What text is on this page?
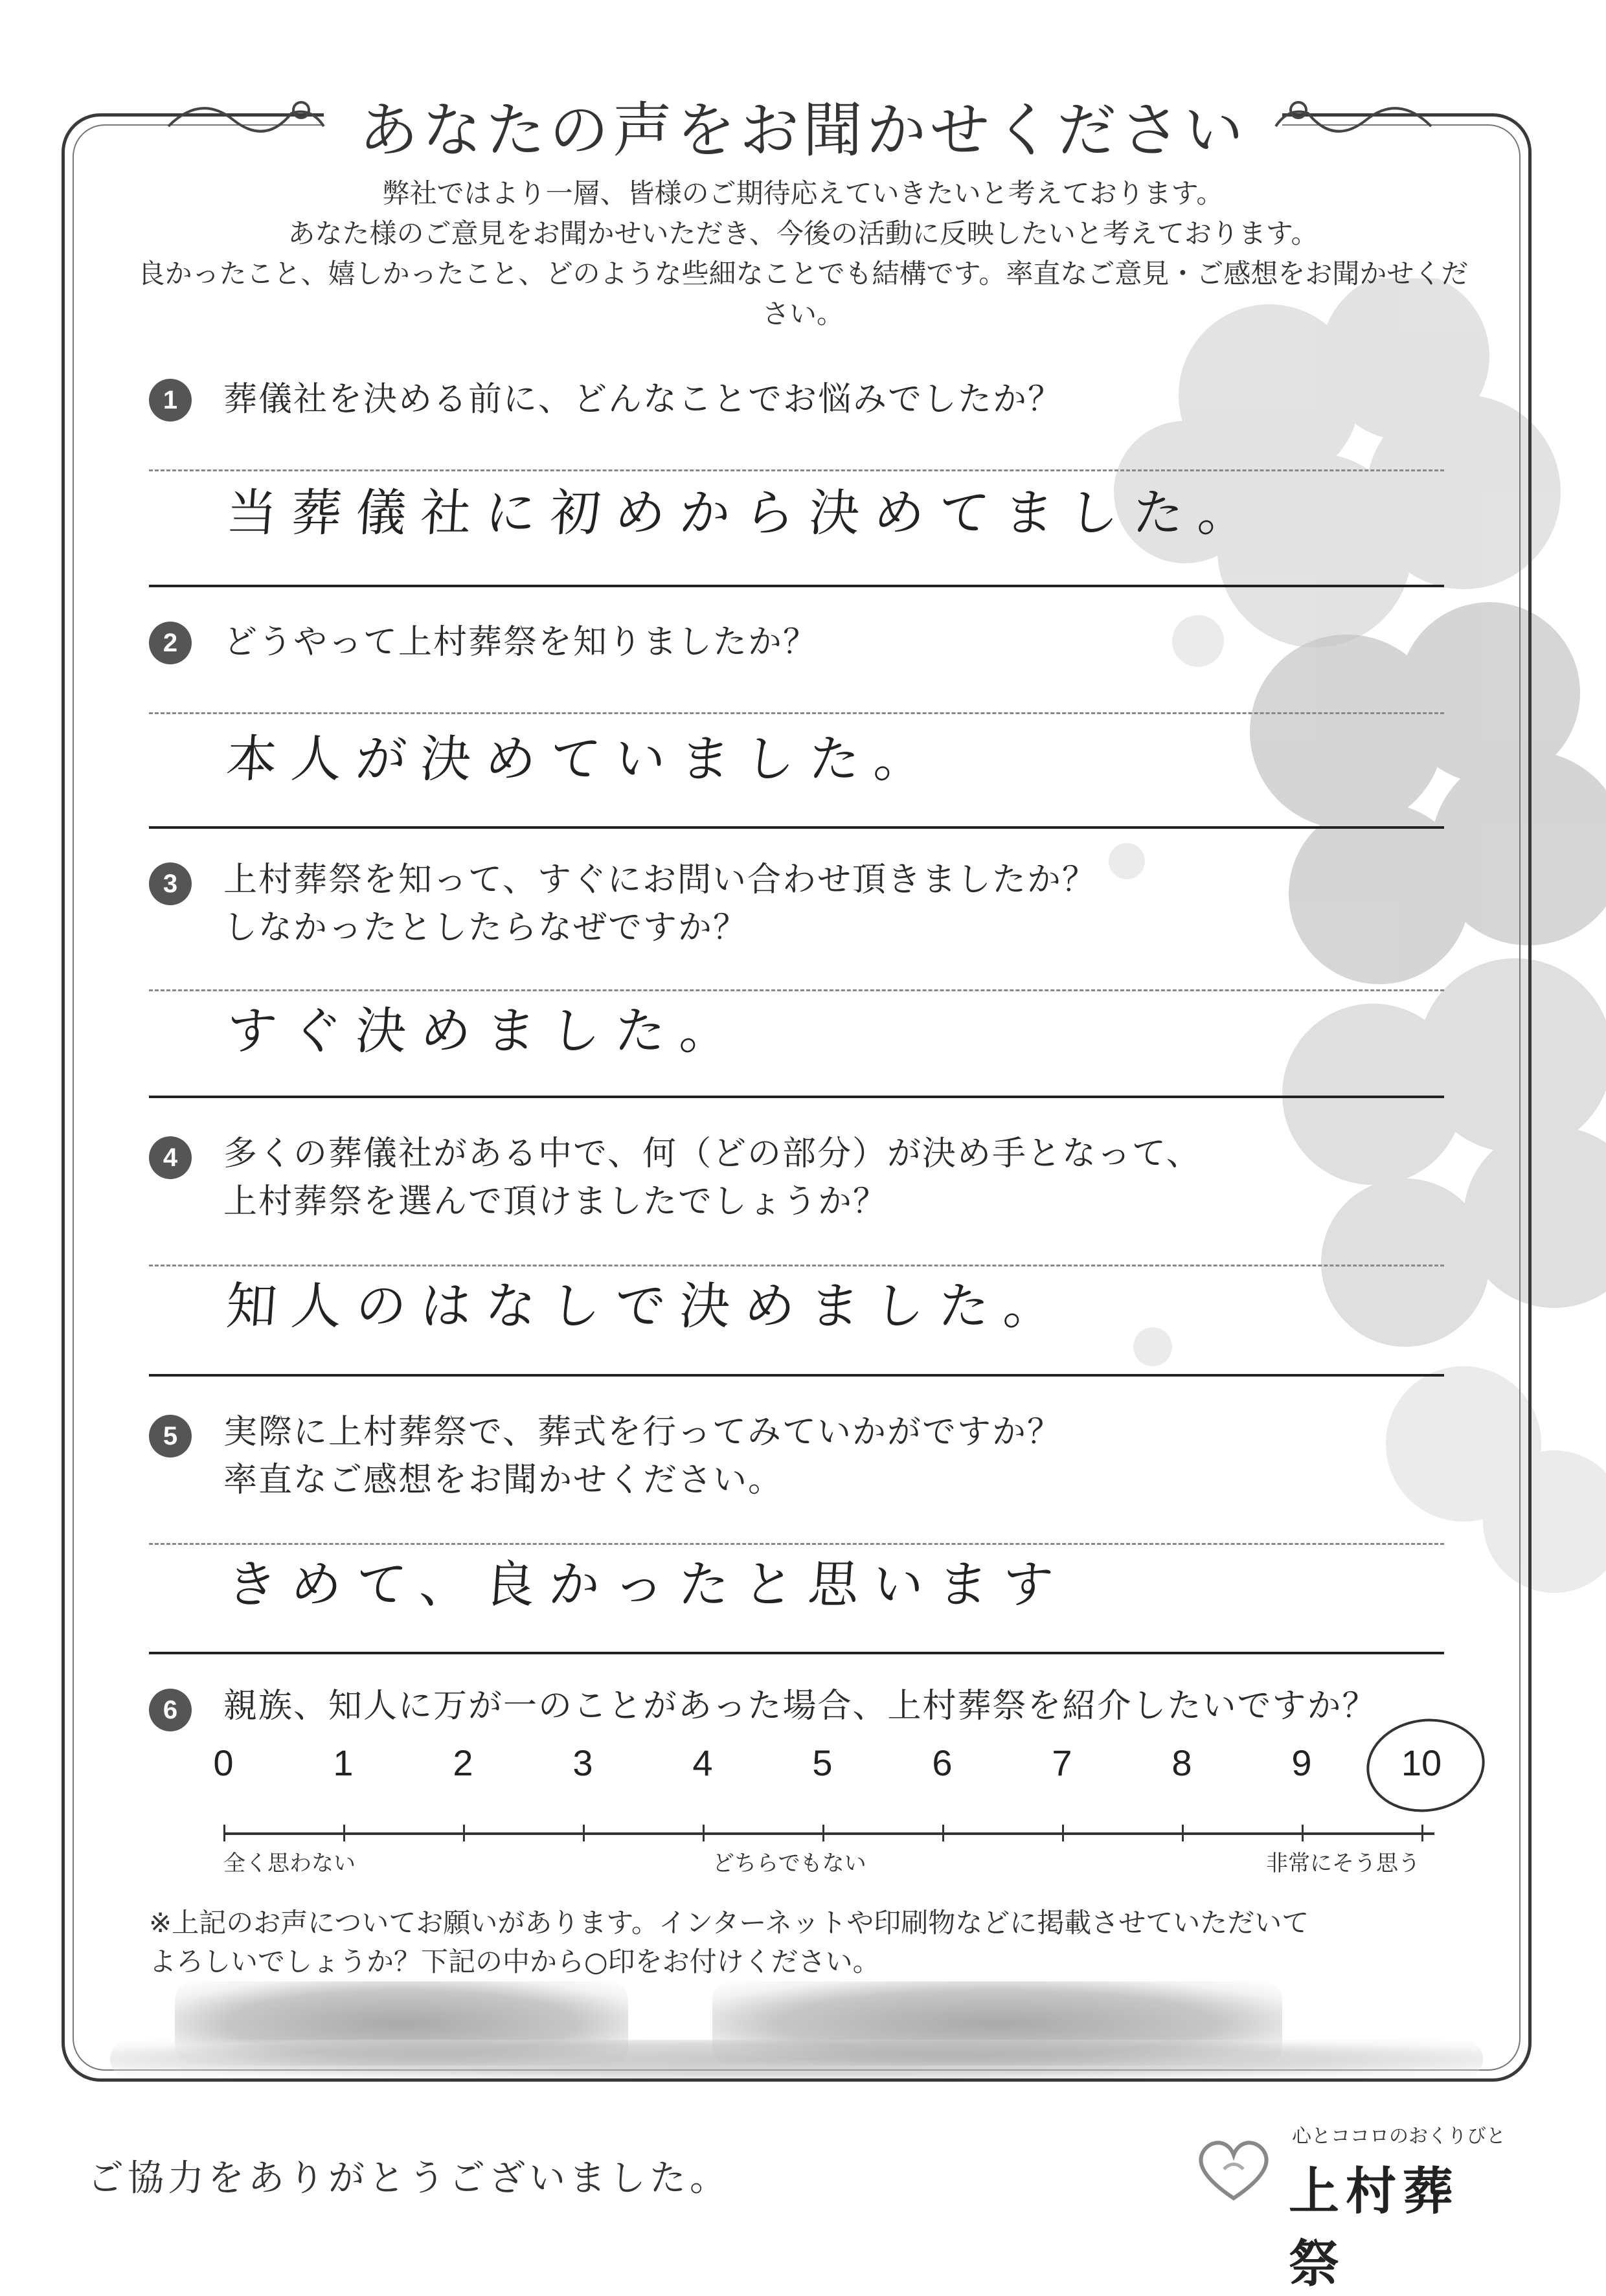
あなたの声をお聞かせください
弊社ではより一層、皆様のご期待応えていきたいと考えております。
あなた様のご意見をお聞かせいただき、今後の活動に反映したいと考えております。
良かったこと、嬉しかったこと、どのような些細なことでも結構です。率直なご意見・ご感想をお聞かせください。
1	葬儀社を決める前に、どんなことでお悩みでしたか？
当葬儀社に初めから決めてました。
2	どうやって上村葬祭を知りましたか？
本人が決めていました。
3	上村葬祭を知って、すぐにお問い合わせ頂きましたか？
しなかったとしたらなぜですか？
すぐ決めました。
4	多くの葬儀社がある中で、何（どの部分）が決め手となって、
上村葬祭を選んで頂けましたでしょうか？
知人のはなしで決めました。
5	実際に上村葬祭で、葬式を行ってみていかがですか？
率直なご感想をお聞かせください。
きめて、良かったと思います
6	親族、知人に万が一のことがあった場合、上村葬祭を紹介したいですか？
0	1	2	3	4	5	6	7	8	9	10
全く思わない	どちらでもない	非常にそう思う
※上記のお声についてお願いがあります。インターネットや印刷物などに掲載させていただいて
よろしいでしょうか？下記の中から○印をお付けください。
ご協力をありがとうございました。
心とココロのおくりびと
上村葬祭
